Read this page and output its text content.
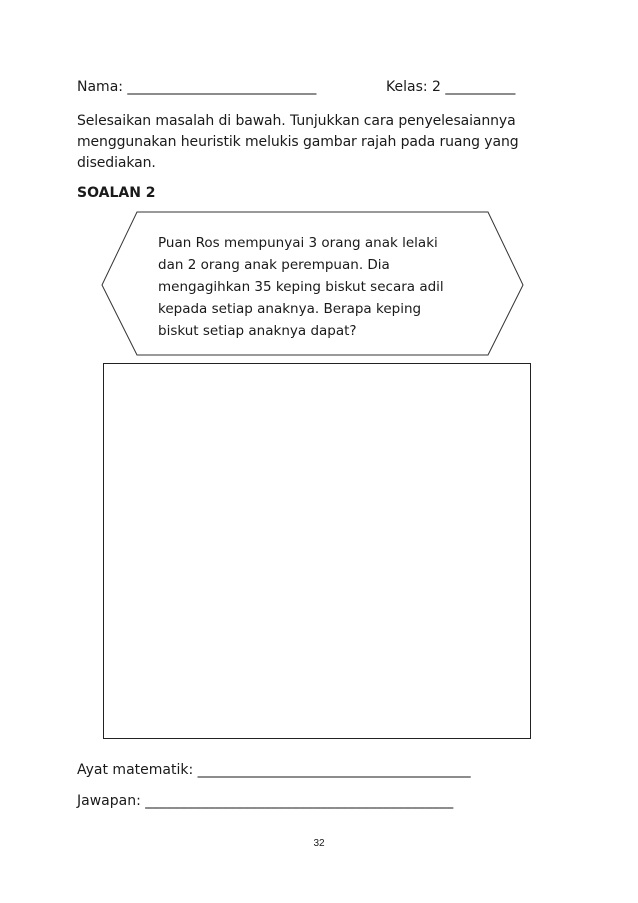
Nama: ___________________________	Kelas: 2 __________
Selesaikan masalah di bawah. Tunjukkan cara penyelesaiannya
menggunakan heuristik melukis gambar rajah pada ruang yang
disediakan.
SOALAN 2
Puan Ros mempunyai 3 orang anak lelaki
dan 2 orang anak perempuan. Dia
mengagihkan 35 keping biskut secara adil
kepada setiap anaknya. Berapa keping
biskut setiap anaknya dapat?
Ayat matematik: _______________________________________
Jawapan: ____________________________________________
32
